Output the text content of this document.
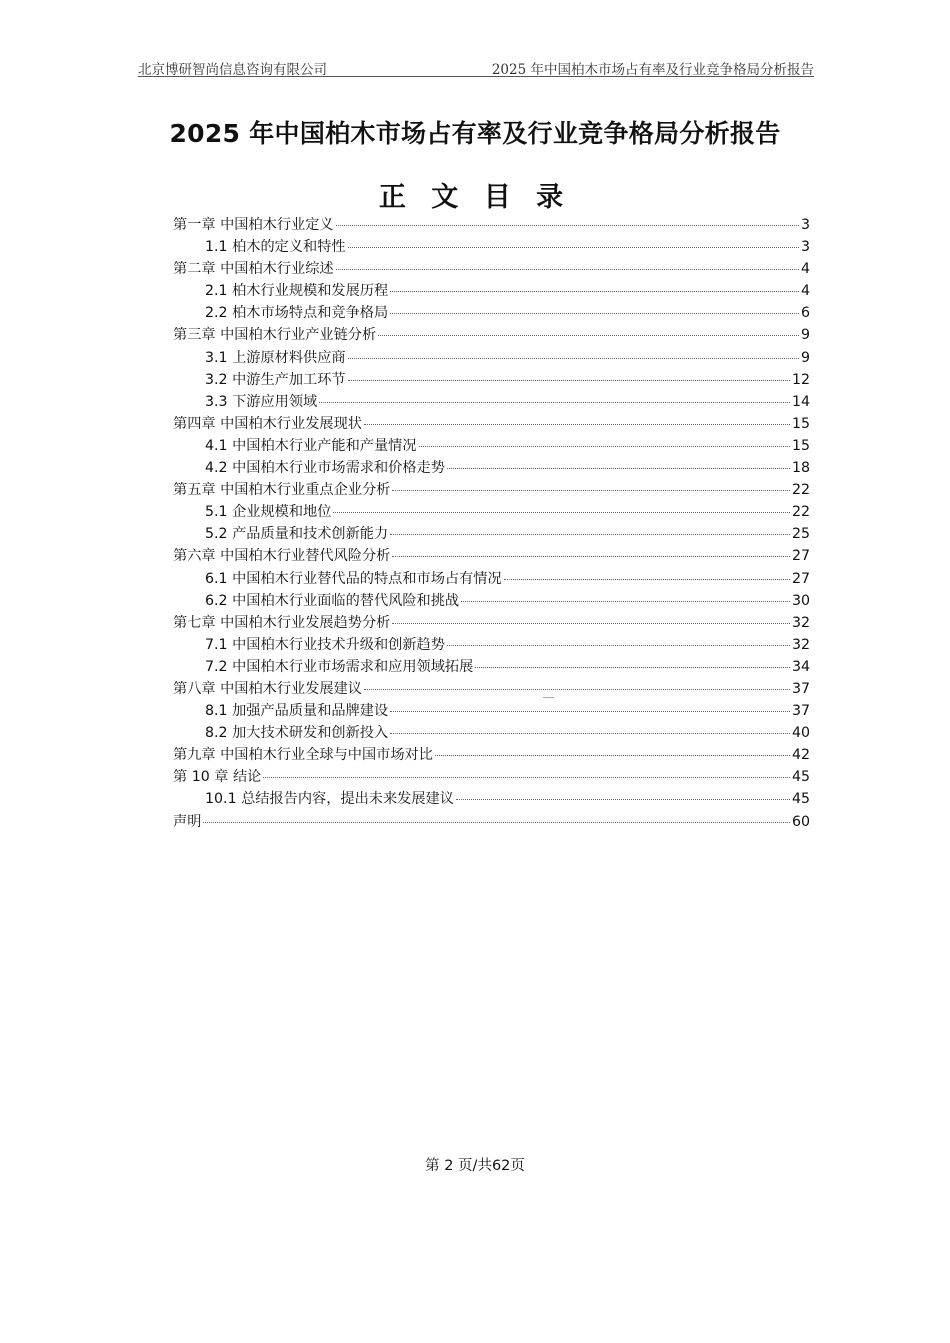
北京博研智尚信息咨询有限公司	2025 年中国柏木市场占有率及行业竞争格局分析报告
2025 年中国柏木市场占有率及行业竞争格局分析报告
正 文 目 录
第一章 中国柏木行业定义	3
1.1 柏木的定义和特性	3
第二章 中国柏木行业综述	4
2.1 柏木行业规模和发展历程	4
2.2 柏木市场特点和竞争格局	6
第三章 中国柏木行业产业链分析	9
3.1 上游原材料供应商	9
3.2 中游生产加工环节	12
3.3 下游应用领域	14
第四章 中国柏木行业发展现状	15
4.1 中国柏木行业产能和产量情况	15
4.2 中国柏木行业市场需求和价格走势	18
第五章 中国柏木行业重点企业分析	22
5.1 企业规模和地位	22
5.2 产品质量和技术创新能力	25
第六章 中国柏木行业替代风险分析	27
6.1 中国柏木行业替代品的特点和市场占有情况	27
6.2 中国柏木行业面临的替代风险和挑战	30
第七章 中国柏木行业发展趋势分析	32
7.1 中国柏木行业技术升级和创新趋势	32
7.2 中国柏木行业市场需求和应用领域拓展	34
第八章 中国柏木行业发展建议	37
8.1 加强产品质量和品牌建设	37
8.2 加大技术研发和创新投入	40
第九章 中国柏木行业全球与中国市场对比	42
第 10 章 结论	45
10.1 总结报告内容，提出未来发展建议	45
声明	60
第 2 页/共62页
